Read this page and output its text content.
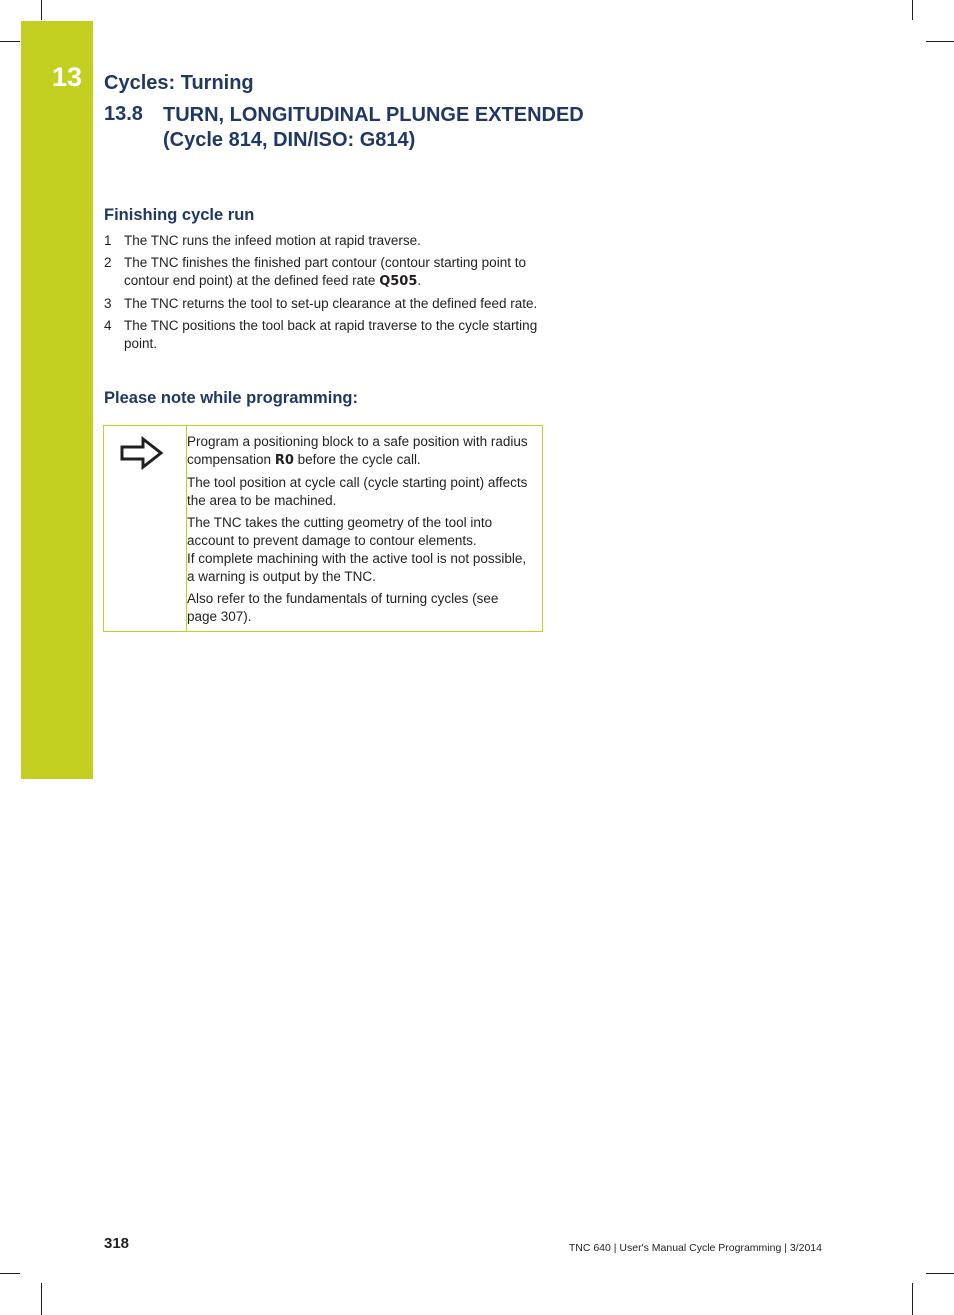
13 Cycles: Turning
13.8 TURN, LONGITUDINAL PLUNGE EXTENDED
(Cycle 814, DIN/ISO: G814)
Finishing cycle run
1 The TNC runs the infeed motion at rapid traverse.
2 The TNC finishes the finished part contour (contour starting point to contour end point) at the defined feed rate Q505.
3 The TNC returns the tool to set-up clearance at the defined feed rate.
4 The TNC positions the tool back at rapid traverse to the cycle starting point.
Please note while programming:

Program a positioning block to a safe position with radius compensation R0 before the cycle call.

The tool position at cycle call (cycle starting point) affects the area to be machined.

The TNC takes the cutting geometry of the tool into account to prevent damage to contour elements.
If complete machining with the active tool is not possible, a warning is output by the TNC.

Also refer to the fundamentals of turning cycles (see page 307).

318	TNC 640 | User's Manual Cycle Programming | 3/2014
